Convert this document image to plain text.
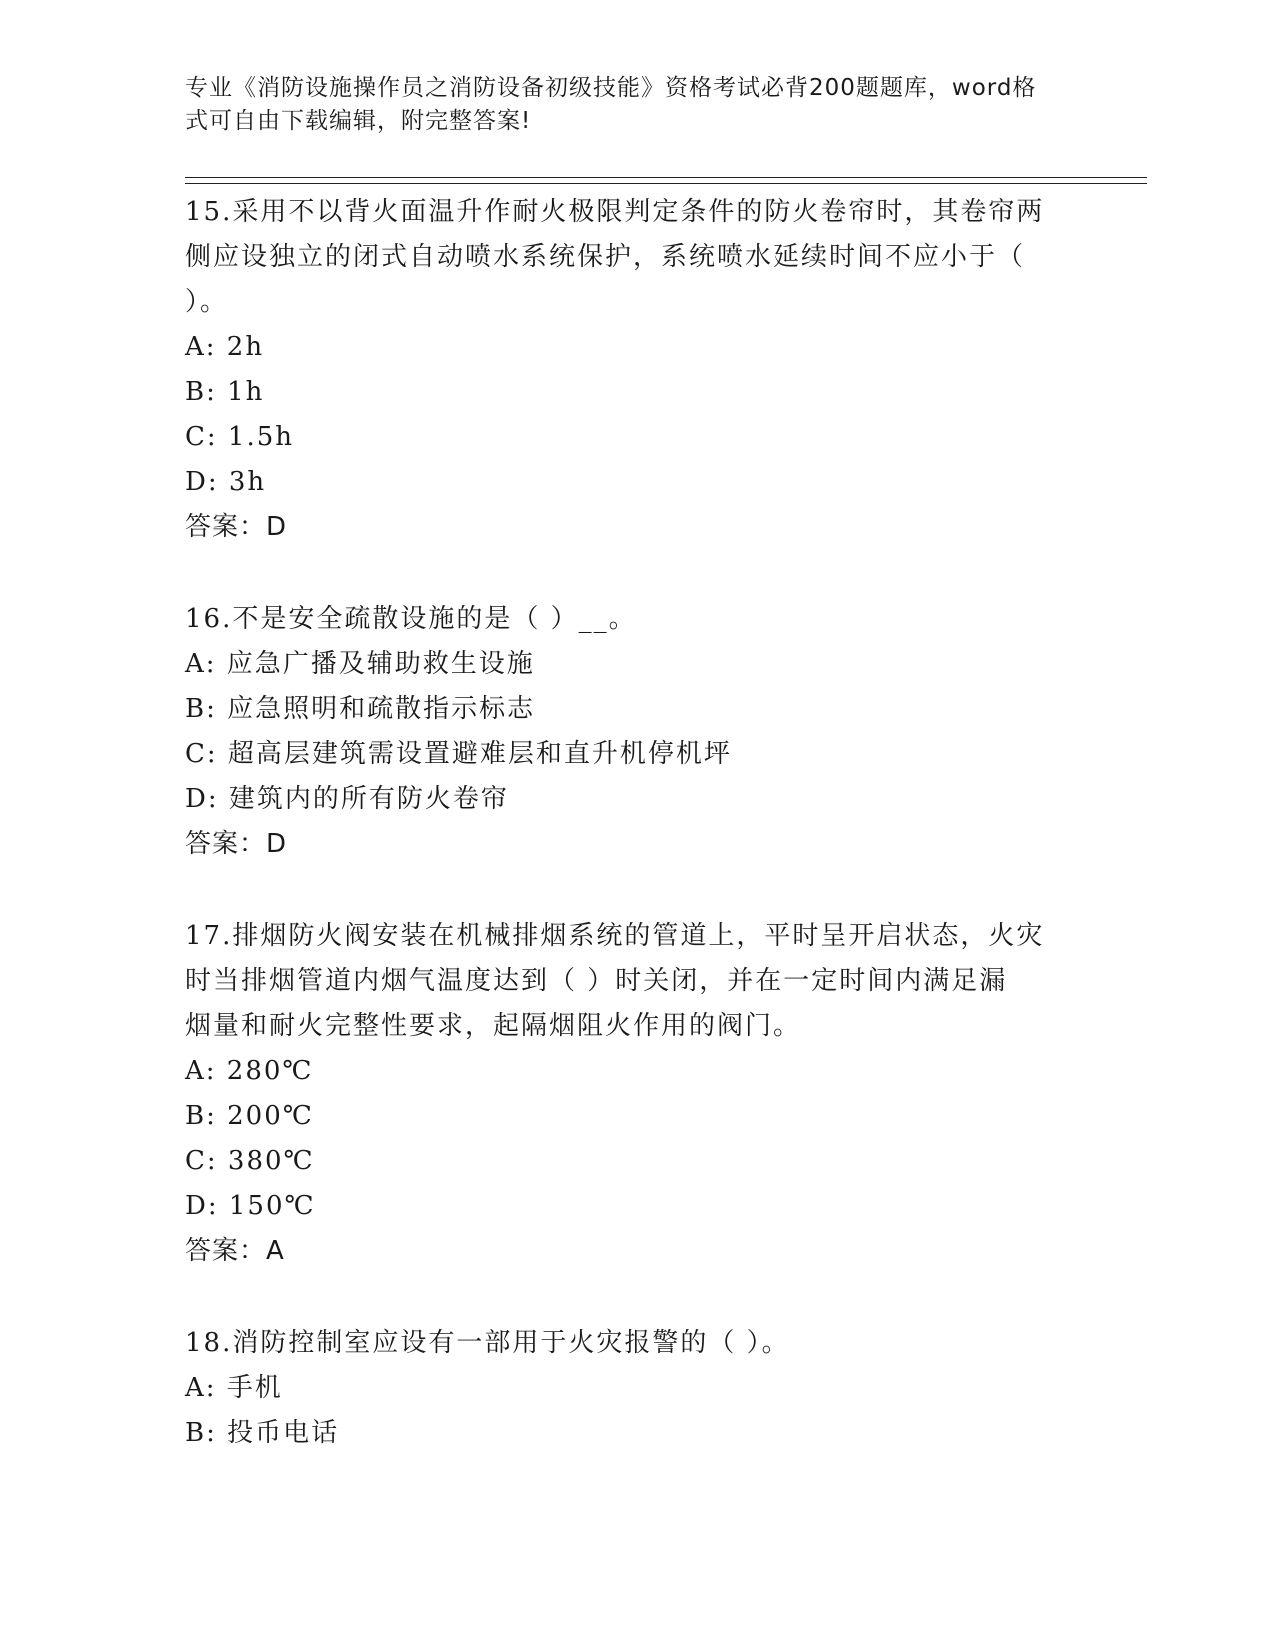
专业《消防设施操作员之消防设备初级技能》资格考试必背200题题库，word格
式可自由下载编辑，附完整答案!

15.采用不以背火面温升作耐火极限判定条件的防火卷帘时，其卷帘两

侧应设独立的闭式自动喷水系统保护，系统喷水延续时间不应小于（

）。

A: 2h

B: 1h

C: 1.5h

D: 3h

答案：D

16.不是安全疏散设施的是（ ）__。

A: 应急广播及辅助救生设施

B: 应急照明和疏散指示标志

C: 超高层建筑需设置避难层和直升机停机坪

D: 建筑内的所有防火卷帘

答案：D

17.排烟防火阀安装在机械排烟系统的管道上，平时呈开启状态，火灾

时当排烟管道内烟气温度达到（ ）时关闭，并在一定时间内满足漏

烟量和耐火完整性要求，起隔烟阻火作用的阀门。

A: 280℃

B: 200℃

C: 380℃

D: 150℃

答案：A

18.消防控制室应设有一部用于火灾报警的（ ）。

A: 手机

B: 投币电话
